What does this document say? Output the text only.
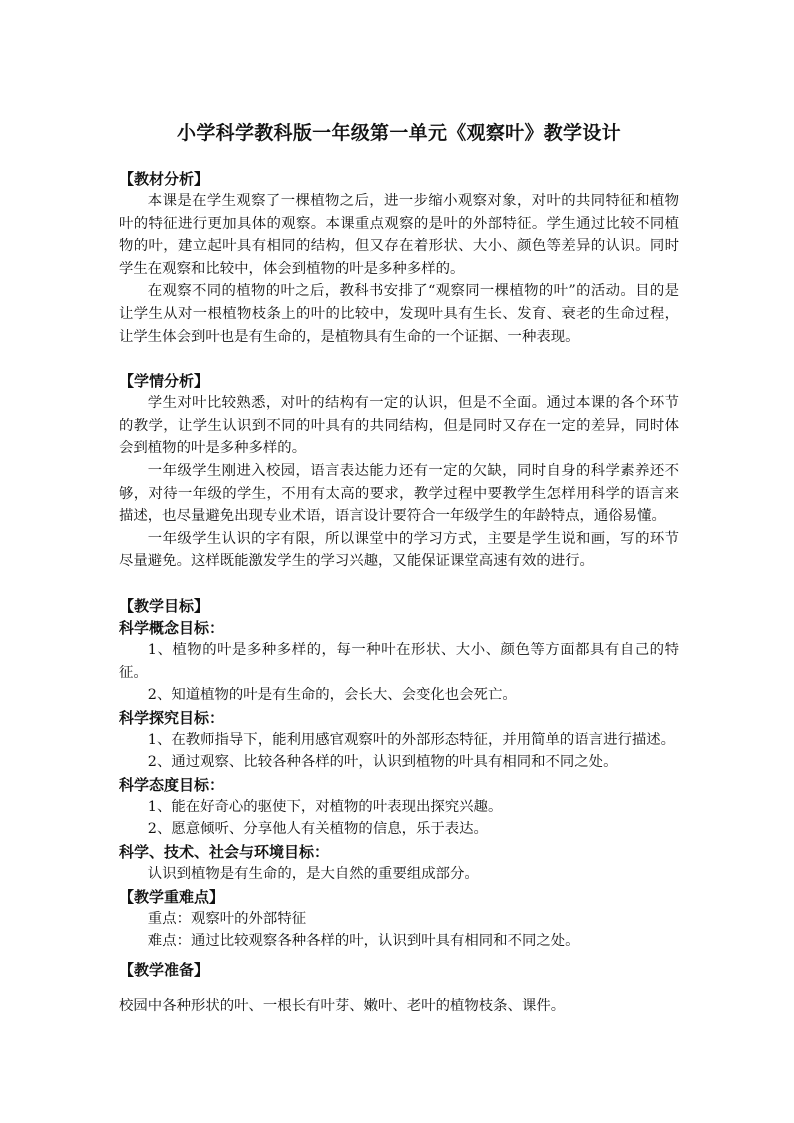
小学科学教科版一年级第一单元《观察叶》教学设计

【教材分析】

本课是在学生观察了一棵植物之后，进一步缩小观察对象，对叶的共同特征和植物叶的特征进行更加具体的观察。本课重点观察的是叶的外部特征。学生通过比较不同植物的叶，建立起叶具有相同的结构，但又存在着形状、大小、颜色等差异的认识。同时学生在观察和比较中，体会到植物的叶是多种多样的。

在观察不同的植物的叶之后，教科书安排了“观察同一棵植物的叶”的活动。目的是让学生从对一根植物枝条上的叶的比较中，发现叶具有生长、发育、衰老的生命过程，让学生体会到叶也是有生命的，是植物具有生命的一个证据、一种表现。

【学情分析】

学生对叶比较熟悉，对叶的结构有一定的认识，但是不全面。通过本课的各个环节的教学，让学生认识到不同的叶具有的共同结构，但是同时又存在一定的差异，同时体会到植物的叶是多种多样的。

一年级学生刚进入校园，语言表达能力还有一定的欠缺，同时自身的科学素养还不够，对待一年级的学生，不用有太高的要求，教学过程中要教学生怎样用科学的语言来描述，也尽量避免出现专业术语，语言设计要符合一年级学生的年龄特点，通俗易懂。

一年级学生认识的字有限，所以课堂中的学习方式，主要是学生说和画，写的环节尽量避免。这样既能激发学生的学习兴趣，又能保证课堂高速有效的进行。

【教学目标】

科学概念目标：

1、植物的叶是多种多样的，每一种叶在形状、大小、颜色等方面都具有自己的特征。

2、知道植物的叶是有生命的，会长大、会变化也会死亡。

科学探究目标：

1、在教师指导下，能利用感官观察叶的外部形态特征，并用简单的语言进行描述。

2、通过观察、比较各种各样的叶，认识到植物的叶具有相同和不同之处。

科学态度目标：

1、能在好奇心的驱使下，对植物的叶表现出探究兴趣。

2、愿意倾听、分享他人有关植物的信息，乐于表达。

科学、技术、社会与环境目标：

认识到植物是有生命的，是大自然的重要组成部分。

【教学重难点】

重点：观察叶的外部特征

难点：通过比较观察各种各样的叶，认识到叶具有相同和不同之处。

【教学准备】

校园中各种形状的叶、一根长有叶芽、嫩叶、老叶的植物枝条、课件。
